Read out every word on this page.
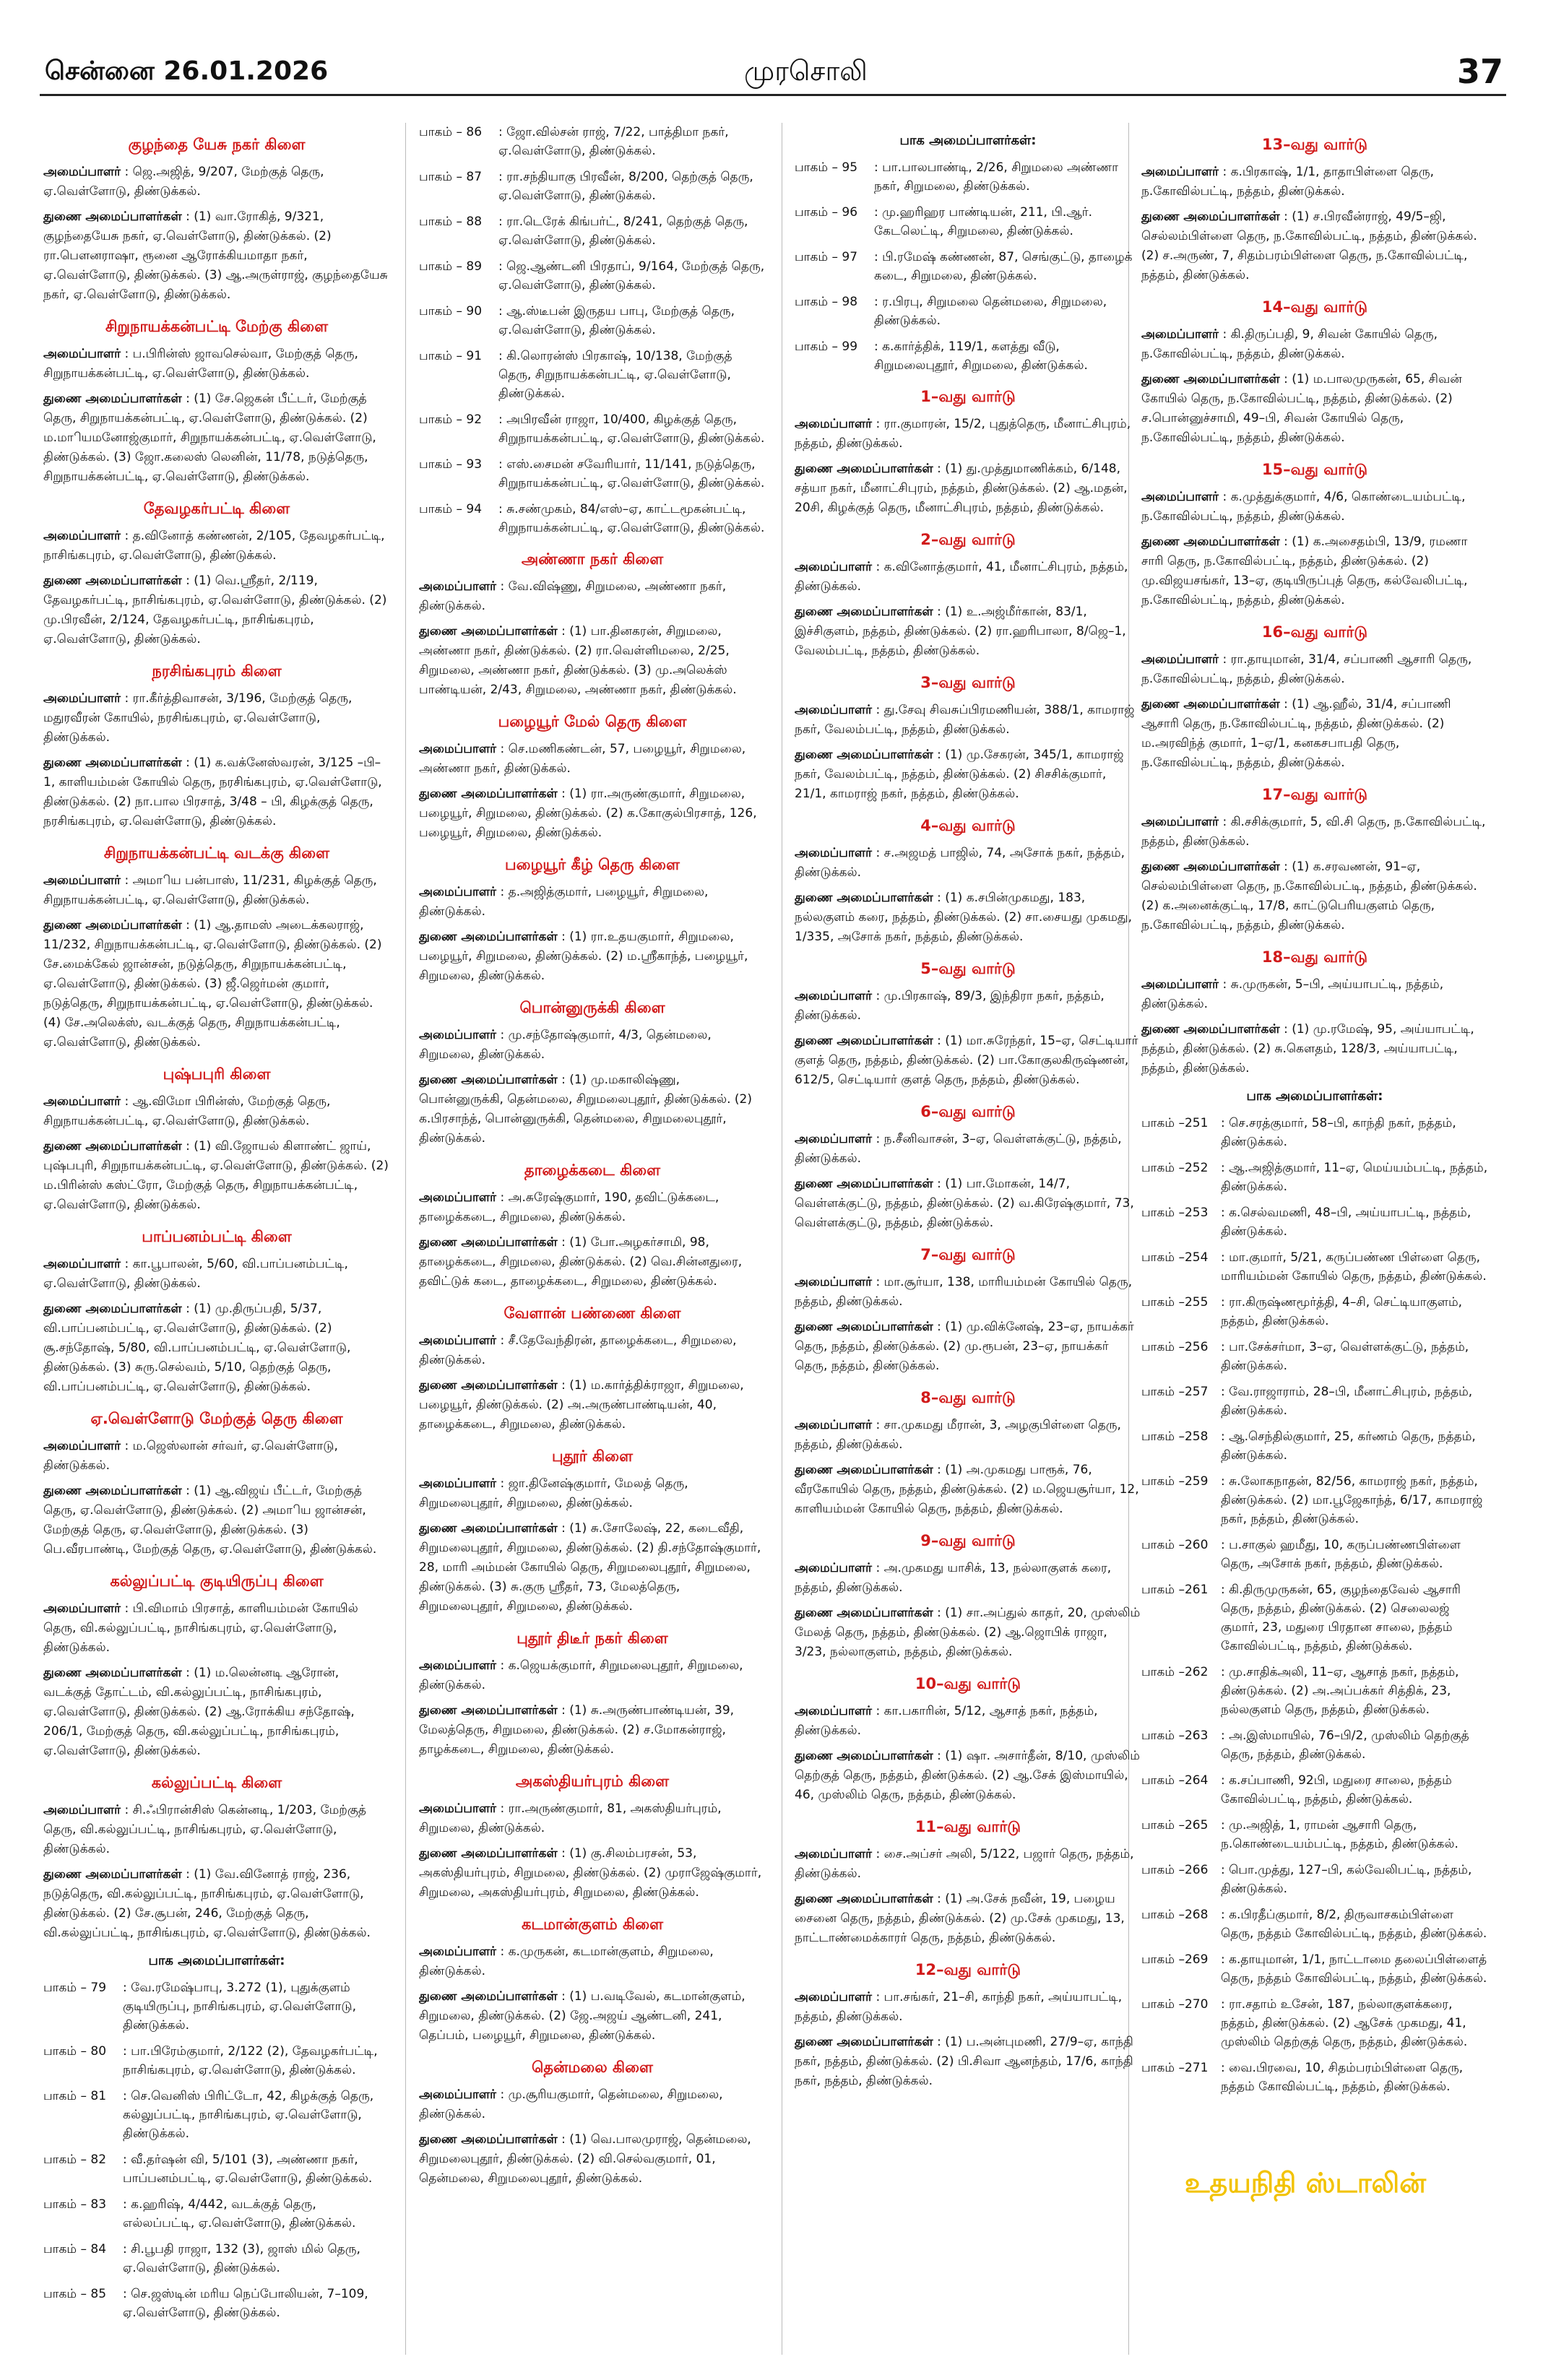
சென்னை 26.01.2026	முரசொலி	37
குழந்தை யேசு நகர் கிளை
அமைப்பாளர் : ஜெ.அஜித், 9/207, மேற்குத் தெரு, ஏ.வெள்ளோடு, திண்டுக்கல்.
துணை அமைப்பாளர்கள் : (1) வா.ரோகித், 9/321, குழந்தையேசு நகர், ஏ.வெள்ளோடு, திண்டுக்கல். (2) ரா.பௌனராஷா, ரூனை ஆரோக்கியமாதா நகர், ஏ.வெள்ளோடு, திண்டுக்கல். (3) ஆ.அருள்ராஜ், குழந்தையேசு நகர், ஏ.வெள்ளோடு, திண்டுக்கல்.
சிறுநாயக்கன்பட்டி மேற்கு கிளை
அமைப்பாளர் : ப.பிரின்ஸ் ஜாவசெல்வா, மேற்குத் தெரு, சிறுநாயக்கன்பட்டி, ஏ.வெள்ளோடு, திண்டுக்கல்.
துணை அமைப்பாளர்கள் : (1) சே.ஜெகன் பீட்டர், மேற்குத் தெரு, சிறுநாயக்கன்பட்டி, ஏ.வெள்ளோடு, திண்டுக்கல். (2) ம.மாியமனோஜ்குமார், சிறுநாயக்கன்பட்டி, ஏ.வெள்ளோடு, திண்டுக்கல். (3) ஜோ.கலைஸ் லெனின், 11/78, நடுத்தெரு, சிறுநாயக்கன்பட்டி, ஏ.வெள்ளோடு, திண்டுக்கல்.
தேவழகர்பட்டி கிளை
அமைப்பாளர் : த.வினோத் கண்ணன், 2/105, தேவழகர்பட்டி, நாசிங்கபுரம், ஏ.வெள்ளோடு, திண்டுக்கல்.
துணை அமைப்பாளர்கள் : (1) வெ.ஸ்ரீதர், 2/119, தேவழகர்பட்டி, நாசிங்கபுரம், ஏ.வெள்ளோடு, திண்டுக்கல். (2) மு.பிரவீன், 2/124, தேவழகர்பட்டி, நாசிங்கபுரம், ஏ.வெள்ளோடு, திண்டுக்கல்.
நரசிங்கபுரம் கிளை
அமைப்பாளர் : ரா.கீர்த்திவாசன், 3/196, மேற்குத் தெரு, மதுரவீரன் கோயில், நரசிங்கபுரம், ஏ.வெள்ளோடு, திண்டுக்கல்.
துணை அமைப்பாளர்கள் : (1) க.வக்னேஸ்வரன், 3/125 –பி– 1, காளியம்மன் கோயில் தெரு, நரசிங்கபுரம், ஏ.வெள்ளோடு, திண்டுக்கல். (2) நா.பால பிரசாத், 3/48 – பி, கிழக்குத் தெரு, நரசிங்கபுரம், ஏ.வெள்ளோடு, திண்டுக்கல்.
சிறுநாயக்கன்பட்டி வடக்கு கிளை
அமைப்பாளர் : அமாிய பன்பாஸ், 11/231, கிழக்குத் தெரு, சிறுநாயக்கன்பட்டி, ஏ.வெள்ளோடு, திண்டுக்கல்.
துணை அமைப்பாளர்கள் : (1) ஆ.தாமஸ் அடைக்கலராஜ், 11/232, சிறுநாயக்கன்பட்டி, ஏ.வெள்ளோடு, திண்டுக்கல். (2) சே.மைக்கேல் ஜான்சன், நடுத்தெரு, சிறுநாயக்கன்பட்டி, ஏ.வெள்ளோடு, திண்டுக்கல். (3) ஜீ.ஜெர்மன் குமார், நடுத்தெரு, சிறுநாயக்கன்பட்டி, ஏ.வெள்ளோடு, திண்டுக்கல். (4) சே.அலெக்ஸ், வடக்குத் தெரு, சிறுநாயக்கன்பட்டி, ஏ.வெள்ளோடு, திண்டுக்கல்.
புஷ்பபுரி கிளை
அமைப்பாளர் : ஆ.விமோ பிரின்ஸ், மேற்குத் தெரு, சிறுநாயக்கன்பட்டி, ஏ.வெள்ளோடு, திண்டுக்கல்.
துணை அமைப்பாளர்கள் : (1) வி.ஜோயல் கிளாண்ட் ஜாய், புஷ்பபுரி, சிறுநாயக்கன்பட்டி, ஏ.வெள்ளோடு, திண்டுக்கல். (2) ம.பிரின்ஸ் கஸ்ட்ரோ, மேற்குத் தெரு, சிறுநாயக்கன்பட்டி, ஏ.வெள்ளோடு, திண்டுக்கல்.
பாப்பனம்பட்டி கிளை
அமைப்பாளர் : கா.பூபாலன், 5/60, வி.பாப்பனம்பட்டி, ஏ.வெள்ளோடு, திண்டுக்கல்.
துணை அமைப்பாளர்கள் : (1) மு.திருப்பதி, 5/37, வி.பாப்பனம்பட்டி, ஏ.வெள்ளோடு, திண்டுக்கல். (2) சூ.சந்தோஷ், 5/80, வி.பாப்பனம்பட்டி, ஏ.வெள்ளோடு, திண்டுக்கல். (3) சுரு.செல்வம், 5/10, தெற்குத் தெரு, வி.பாப்பனம்பட்டி, ஏ.வெள்ளோடு, திண்டுக்கல்.
ஏ.வெள்ளோடு மேற்குத் தெரு கிளை
அமைப்பாளர் : ம.ஜெஸ்லான் சர்வர், ஏ.வெள்ளோடு, திண்டுக்கல்.
துணை அமைப்பாளர்கள் : (1) ஆ.விஜய் பீட்டர், மேற்குத் தெரு, ஏ.வெள்ளோடு, திண்டுக்கல். (2) அமாிய ஜான்சன், மேற்குத் தெரு, ஏ.வெள்ளோடு, திண்டுக்கல். (3) பெ.வீரபாண்டி, மேற்குத் தெரு, ஏ.வெள்ளோடு, திண்டுக்கல்.
கல்லுப்பட்டி குடியிருப்பு கிளை
அமைப்பாளர் : பி.விமாம் பிரசாத், காளியம்மன் கோயில் தெரு, வி.கல்லுப்பட்டி, நாசிங்கபுரம், ஏ.வெள்ளோடு, திண்டுக்கல்.
துணை அமைப்பாளர்கள் : (1) ம.லென்னடி ஆரோன், வடக்குத் தோட்டம், வி.கல்லுப்பட்டி, நாசிங்கபுரம், ஏ.வெள்ளோடு, திண்டுக்கல். (2) ஆ.ரோக்கிய சந்தோஷ், 206/1, மேற்குத் தெரு, வி.கல்லுப்பட்டி, நாசிங்கபுரம், ஏ.வெள்ளோடு, திண்டுக்கல்.
கல்லுப்பட்டி கிளை
அமைப்பாளர் : சி.ஃபிரான்சிஸ் கென்னடி, 1/203, மேற்குத் தெரு, வி.கல்லுப்பட்டி, நாசிங்கபுரம், ஏ.வெள்ளோடு, திண்டுக்கல்.
துணை அமைப்பாளர்கள் : (1) வே.வினோத் ராஜ், 236, நடுத்தெரு, வி.கல்லுப்பட்டி, நாசிங்கபுரம், ஏ.வெள்ளோடு, திண்டுக்கல். (2) சே.சூபன், 246, மேற்குத் தெரு, வி.கல்லுப்பட்டி, நாசிங்கபுரம், ஏ.வெள்ளோடு, திண்டுக்கல்.
பாக அமைப்பாளர்கள்:
பாகம் – 79	: வே.ரமேஷ்பாபு, 3.272 (1), புதுக்குளம் குடியிருப்பு, நாசிங்கபுரம், ஏ.வெள்ளோடு, திண்டுக்கல்.
பாகம் – 80	: பா.பிரேம்குமார், 2/122 (2), தேவழகர்பட்டி, நாசிங்கபுரம், ஏ.வெள்ளோடு, திண்டுக்கல்.
பாகம் – 81	: செ.வெனிஸ் பிரிட்டோ, 42, கிழக்குத் தெரு, கல்லுப்பட்டி, நாசிங்கபுரம், ஏ.வெள்ளோடு, திண்டுக்கல்.
பாகம் – 82	: வீ.தர்ஷன் வி, 5/101 (3), அண்ணா நகர், பாப்பனம்பட்டி, ஏ.வெள்ளோடு, திண்டுக்கல்.
பாகம் – 83	: க.ஹரிஷ், 4/442, வடக்குத் தெரு, எல்லப்பட்டி, ஏ.வெள்ளோடு, திண்டுக்கல்.
பாகம் – 84	: சி.பூபதி ராஜா, 132 (3), ஜாஸ் மில் தெரு, ஏ.வெள்ளோடு, திண்டுக்கல்.
பாகம் – 85	: செ.ஜஸ்டின் மரிய நெப்போலியன், 7–109, ஏ.வெள்ளோடு, திண்டுக்கல்.
பாகம் – 86	: ஜோ.வில்சன் ராஜ், 7/22, பாத்திமா நகர், ஏ.வெள்ளோடு, திண்டுக்கல்.
பாகம் – 87	: ரா.சந்தியாகு பிரவீன், 8/200, தெற்குத் தெரு, ஏ.வெள்ளோடு, திண்டுக்கல்.
பாகம் – 88	: ரா.டெரேக் கிங்பர்ட், 8/241, தெற்குத் தெரு, ஏ.வெள்ளோடு, திண்டுக்கல்.
பாகம் – 89	: ஜெ.ஆண்டனி பிரதாப், 9/164, மேற்குத் தெரு, ஏ.வெள்ளோடு, திண்டுக்கல்.
பாகம் – 90	: ஆ.ஸ்டீபன் இருதய பாபு, மேற்குத் தெரு, ஏ.வெள்ளோடு, திண்டுக்கல்.
பாகம் – 91	: கி.லொரன்ஸ் பிரகாஷ், 10/138, மேற்குத் தெரு, சிறுநாயக்கன்பட்டி, ஏ.வெள்ளோடு, திண்டுக்கல்.
பாகம் – 92	: அபிரவீன் ராஜா, 10/400, கிழக்குத் தெரு, சிறுநாயக்கன்பட்டி, ஏ.வெள்ளோடு, திண்டுக்கல்.
பாகம் – 93	: எஸ்.சைமன் சவேரியார், 11/141, நடுத்தெரு, சிறுநாயக்கன்பட்டி, ஏ.வெள்ளோடு, திண்டுக்கல்.
பாகம் – 94	: சு.சண்முகம், 84/எஸ்–ஏ, காட்டமூகன்பட்டி, சிறுநாயக்கன்பட்டி, ஏ.வெள்ளோடு, திண்டுக்கல்.
அண்ணா நகர் கிளை
அமைப்பாளர் : வே.விஷ்ணு, சிறுமலை, அண்ணா நகர், திண்டுக்கல்.
துணை அமைப்பாளர்கள் : (1) பா.தினகரன், சிறுமலை, அண்ணா நகர், திண்டுக்கல். (2) ரா.வெள்ளிமலை, 2/25, சிறுமலை, அண்ணா நகர், திண்டுக்கல். (3) மு.அலெக்ஸ் பாண்டியன், 2/43, சிறுமலை, அண்ணா நகர், திண்டுக்கல்.
பழையூர் மேல் தெரு கிளை
அமைப்பாளர் : செ.மணிகண்டன், 57, பழையூர், சிறுமலை, அண்ணா நகர், திண்டுக்கல்.
துணை அமைப்பாளர்கள் : (1) ரா.அருண்குமார், சிறுமலை, பழையூர், சிறுமலை, திண்டுக்கல். (2) க.கோகுல்பிரசாத், 126, பழையூர், சிறுமலை, திண்டுக்கல்.
பழையூர் கீழ் தெரு கிளை
அமைப்பாளர் : த.அஜித்குமார், பழையூர், சிறுமலை, திண்டுக்கல்.
துணை அமைப்பாளர்கள் : (1) ரா.உதயகுமார், சிறுமலை, பழையூர், சிறுமலை, திண்டுக்கல். (2) ம.ஸ்ரீகாந்த், பழையூர், சிறுமலை, திண்டுக்கல்.
பொன்னுருக்கி கிளை
அமைப்பாளர் : மு.சந்தோஷ்குமார், 4/3, தென்மலை, சிறுமலை, திண்டுக்கல்.
துணை அமைப்பாளர்கள் : (1) மு.மகாலிஷ்ணு, பொன்னுருக்கி, தென்மலை, சிறுமலைபுதூர், திண்டுக்கல். (2) க.பிரசாந்த், பொன்னுருக்கி, தென்மலை, சிறுமலைபுதூர், திண்டுக்கல்.
தாழைக்கடை கிளை
அமைப்பாளர் : அ.சுரேஷ்குமார், 190, தவிட்டுக்கடை, தாழைக்கடை, சிறுமலை, திண்டுக்கல்.
துணை அமைப்பாளர்கள் : (1) போ.அழகர்சாமி, 98, தாழைக்கடை, சிறுமலை, திண்டுக்கல். (2) வெ.சின்னதுரை, தவிட்டுக் கடை, தாழைக்கடை, சிறுமலை, திண்டுக்கல்.
வேளான் பண்ணை கிளை
அமைப்பாளர் : சீ.தேவேந்திரன், தாழைக்கடை, சிறுமலை, திண்டுக்கல்.
துணை அமைப்பாளர்கள் : (1) ம.கார்த்திக்ராஜா, சிறுமலை, பழையூர், திண்டுக்கல். (2) அ.அருண்பாண்டியன், 40, தாழைக்கடை, சிறுமலை, திண்டுக்கல்.
புதூர் கிளை
அமைப்பாளர் : ஜா.தினேஷ்குமார், மேலத் தெரு, சிறுமலைபுதூர், சிறுமலை, திண்டுக்கல்.
துணை அமைப்பாளர்கள் : (1) சு.சோலேஷ், 22, கடைவீதி, சிறுமலைபுதூர், சிறுமலை, திண்டுக்கல். (2) தி.சந்தோஷ்குமார், 28, மாரி அம்மன் கோயில் தெரு, சிறுமலைபுதூர், சிறுமலை, திண்டுக்கல். (3) சு.குரு ஸ்ரீதர், 73, மேலத்தெரு, சிறுமலைபுதூர், சிறுமலை, திண்டுக்கல்.
புதூர் திடீர் நகர் கிளை
அமைப்பாளர் : க.ஜெயக்குமார், சிறுமலைபுதூர், சிறுமலை, திண்டுக்கல்.
துணை அமைப்பாளர்கள் : (1) சு.அருண்பாண்டியன், 39, மேலத்தெரு, சிறுமலை, திண்டுக்கல். (2) ச.மோகன்ராஜ், தாழக்கடை, சிறுமலை, திண்டுக்கல்.
அகஸ்தியர்புரம் கிளை
அமைப்பாளர் : ரா.அருண்குமார், 81, அகஸ்தியர்புரம், சிறுமலை, திண்டுக்கல்.
துணை அமைப்பாளர்கள் : (1) கு.சிலம்பரசன், 53, அகஸ்தியர்புரம், சிறுமலை, திண்டுக்கல். (2) முராஜேஷ்குமார், சிறுமலை, அகஸ்தியர்புரம், சிறுமலை, திண்டுக்கல்.
கடமான்குளம் கிளை
அமைப்பாளர் : க.முருகன், கடமான்குளம், சிறுமலை, திண்டுக்கல்.
துணை அமைப்பாளர்கள் : (1) ப.வடிவேல், கடமான்குளம், சிறுமலை, திண்டுக்கல். (2) ஜே.அஜய் ஆண்டனி, 241, தெப்பம், பழையூர், சிறுமலை, திண்டுக்கல்.
தென்மலை கிளை
அமைப்பாளர் : மு.சூரியகுமார், தென்மலை, சிறுமலை, திண்டுக்கல்.
துணை அமைப்பாளர்கள் : (1) வெ.பாலமுராஜ், தென்மலை, சிறுமலைபுதூர், திண்டுக்கல். (2) வி.செல்வகுமார், 01, தென்மலை, சிறுமலைபுதூர், திண்டுக்கல்.
பாக அமைப்பாளர்கள்:
பாகம் – 95	: பா.பாலபாண்டி, 2/26, சிறுமலை அண்ணா நகர், சிறுமலை, திண்டுக்கல்.
பாகம் – 96	: மு.ஹரிஹர பாண்டியன், 211, பி.ஆர். கேடலெட்டி, சிறுமலை, திண்டுக்கல்.
பாகம் – 97	: பி.ரமேஷ் கண்ணன், 87, செங்குட்டு, தாழைக் கடை, சிறுமலை, திண்டுக்கல்.
பாகம் – 98	: ர.பிரபு, சிறுமலை தென்மலை, சிறுமலை, திண்டுக்கல்.
பாகம் – 99	: க.கார்த்திக், 119/1, களத்து வீடு, சிறுமலைபுதூர், சிறுமலை, திண்டுக்கல்.
1–வது வார்டு
அமைப்பாளர் : ரா.குமாரன், 15/2, புதுத்தெரு, மீனாட்சிபுரம், நத்தம், திண்டுக்கல்.
துணை அமைப்பாளர்கள் : (1) து.முத்துமாணிக்கம், 6/148, சத்யா நகர், மீனாட்சிபுரம், நத்தம், திண்டுக்கல். (2) ஆ.மதன், 20சி, கிழக்குத் தெரு, மீனாட்சிபுரம், நத்தம், திண்டுக்கல்.
2–வது வார்டு
அமைப்பாளர் : க.வினோத்குமார், 41, மீனாட்சிபுரம், நத்தம், திண்டுக்கல்.
துணை அமைப்பாளர்கள் : (1) உ.அஜ்மீர்கான், 83/1, இச்சிகுளம், நத்தம், திண்டுக்கல். (2) ரா.ஹரிபாலா, 8/ஜெ–1, வேலம்பட்டி, நத்தம், திண்டுக்கல்.
3–வது வார்டு
அமைப்பாளர் : து.சேவு சிவசுப்பிரமணியன், 388/1, காமராஜ் நகர், வேலம்பட்டி, நத்தம், திண்டுக்கல்.
துணை அமைப்பாளர்கள் : (1) மு.சேகரன், 345/1, காமராஜ் நகர், வேலம்பட்டி, நத்தம், திண்டுக்கல். (2) சிசசிக்குமார், 21/1, காமராஜ் நகர், நத்தம், திண்டுக்கல்.
4–வது வார்டு
அமைப்பாளர் : ச.அஜமத் பாஜில், 74, அசோக் நகர், நத்தம், திண்டுக்கல்.
துணை அமைப்பாளர்கள் : (1) க.சபின்முகமது, 183, நல்லகுளம் கரை, நத்தம், திண்டுக்கல். (2) சா.சையது முகமது, 1/335, அசோக் நகர், நத்தம், திண்டுக்கல்.
5–வது வார்டு
அமைப்பாளர் : மு.பிரகாஷ், 89/3, இந்திரா நகர், நத்தம், திண்டுக்கல்.
துணை அமைப்பாளர்கள் : (1) மா.சுரேந்தர், 15–ஏ, செட்டியார் குளத் தெரு, நத்தம், திண்டுக்கல். (2) பா.கோகுலகிருஷ்ணன், 612/5, செட்டியார் குளத் தெரு, நத்தம், திண்டுக்கல்.
6–வது வார்டு
அமைப்பாளர் : ந.சீனிவாசன், 3–ஏ, வெள்ளக்குட்டு, நத்தம், திண்டுக்கல்.
துணை அமைப்பாளர்கள் : (1) பா.மோகன், 14/7, வெள்ளக்குட்டு, நத்தம், திண்டுக்கல். (2) வ.கிரேஷ்குமார், 73, வெள்ளக்குட்டு, நத்தம், திண்டுக்கல்.
7–வது வார்டு
அமைப்பாளர் : மா.சூர்யா, 138, மாரியம்மன் கோயில் தெரு, நத்தம், திண்டுக்கல்.
துணை அமைப்பாளர்கள் : (1) மு.விக்னேஷ், 23–ஏ, நாயக்கர் தெரு, நத்தம், திண்டுக்கல். (2) மு.ரூபன், 23–ஏ, நாயக்கர் தெரு, நத்தம், திண்டுக்கல்.
8–வது வார்டு
அமைப்பாளர் : சா.முகமது மீரான், 3, அழகுபிள்ளை தெரு, நத்தம், திண்டுக்கல்.
துணை அமைப்பாளர்கள் : (1) அ.முகமது பாரூக், 76, வீரகோயில் தெரு, நத்தம், திண்டுக்கல். (2) ம.ஜெயசூர்யா, 12, காளியம்மன் கோயில் தெரு, நத்தம், திண்டுக்கல்.
9–வது வார்டு
அமைப்பாளர் : அ.முகமது யாசிக், 13, நல்லாகுளக் கரை, நத்தம், திண்டுக்கல்.
துணை அமைப்பாளர்கள் : (1) சா.அப்துல் காதர், 20, முஸ்லிம் மேலத் தெரு, நத்தம், திண்டுக்கல். (2) ஆ.ஜொபிக் ராஜா, 3/23, நல்லாகுளம், நத்தம், திண்டுக்கல்.
10–வது வார்டு
அமைப்பாளர் : கா.பகாரின், 5/12, ஆசாத் நகர், நத்தம், திண்டுக்கல்.
துணை அமைப்பாளர்கள் : (1) ஷா. அசார்தீன், 8/10, முஸ்லிம் தெற்குத் தெரு, நத்தம், திண்டுக்கல். (2) ஆ.சேக் இஸ்மாயில், 46, முஸ்லிம் தெரு, நத்தம், திண்டுக்கல்.
11–வது வார்டு
அமைப்பாளர் : சை.அப்சர் அலி, 5/122, பஜார் தெரு, நத்தம், திண்டுக்கல்.
துணை அமைப்பாளர்கள் : (1) அ.சேக் நவீன், 19, பழைய சைனை தெரு, நத்தம், திண்டுக்கல். (2) மு.சேக் முகமது, 13, நாட்டாண்மைக்காரர் தெரு, நத்தம், திண்டுக்கல்.
12–வது வார்டு
அமைப்பாளர் : பா.சங்கர், 21–சி, காந்தி நகர், அய்யாபட்டி, நத்தம், திண்டுக்கல்.
துணை அமைப்பாளர்கள் : (1) ப.அன்புமணி, 27/9–ஏ, காந்தி நகர், நத்தம், திண்டுக்கல். (2) பி.சிவா ஆனந்தம், 17/6, காந்தி நகர், நத்தம், திண்டுக்கல்.
13–வது வார்டு
அமைப்பாளர் : க.பிரகாஷ், 1/1, தாதாபிள்ளை தெரு, ந.கோவில்பட்டி, நத்தம், திண்டுக்கல்.
துணை அமைப்பாளர்கள் : (1) ச.பிரவீன்ராஜ், 49/5–ஜி, செல்லம்பிள்ளை தெரு, ந.கோவில்பட்டி, நத்தம், திண்டுக்கல். (2) ச.அருண், 7, சிதம்பரம்பிள்ளை தெரு, ந.கோவில்பட்டி, நத்தம், திண்டுக்கல்.
14–வது வார்டு
அமைப்பாளர் : கி.திருப்பதி, 9, சிவன் கோயில் தெரு, ந.கோவில்பட்டி, நத்தம், திண்டுக்கல்.
துணை அமைப்பாளர்கள் : (1) ம.பாலமுருகன், 65, சிவன் கோயில் தெரு, ந.கோவில்பட்டி, நத்தம், திண்டுக்கல். (2) ச.பொன்னுச்சாமி, 49–பி, சிவன் கோயில் தெரு, ந.கோவில்பட்டி, நத்தம், திண்டுக்கல்.
15–வது வார்டு
அமைப்பாளர் : க.முத்துக்குமார், 4/6, கொண்டையம்பட்டி, ந.கோவில்பட்டி, நத்தம், திண்டுக்கல்.
துணை அமைப்பாளர்கள் : (1) க.அசைதம்பி, 13/9, ரமணா சாரி தெரு, ந.கோவில்பட்டி, நத்தம், திண்டுக்கல். (2) மு.விஜயசங்கர், 13–ஏ, குடியிருப்புத் தெரு, கல்வேலிபட்டி, ந.கோவில்பட்டி, நத்தம், திண்டுக்கல்.
16–வது வார்டு
அமைப்பாளர் : ரா.தாயுமான், 31/4, சப்பாணி ஆசாரி தெரு, ந.கோவில்பட்டி, நத்தம், திண்டுக்கல்.
துணை அமைப்பாளர்கள் : (1) ஆ.ஹீல், 31/4, சப்பாணி ஆசாரி தெரு, ந.கோவில்பட்டி, நத்தம், திண்டுக்கல். (2) ம.அரவிந்த் குமார், 1–ஏ/1, கனகசபாபதி தெரு, ந.கோவில்பட்டி, நத்தம், திண்டுக்கல்.
17–வது வார்டு
அமைப்பாளர் : கி.சசிக்குமார், 5, வி.சி தெரு, ந.கோவில்பட்டி, நத்தம், திண்டுக்கல்.
துணை அமைப்பாளர்கள் : (1) க.சரவணன், 91–ஏ, செல்லம்பிள்ளை தெரு, ந.கோவில்பட்டி, நத்தம், திண்டுக்கல். (2) க.அனைக்குட்டி, 17/8, காட்டுபெரியகுளம் தெரு, ந.கோவில்பட்டி, நத்தம், திண்டுக்கல்.
18–வது வார்டு
அமைப்பாளர் : சு.முருகன், 5–பி, அய்யாபட்டி, நத்தம், திண்டுக்கல்.
துணை அமைப்பாளர்கள் : (1) மு.ரமேஷ், 95, அய்யாபட்டி, நத்தம், திண்டுக்கல். (2) சு.கௌதம், 128/3, அய்யாபட்டி, நத்தம், திண்டுக்கல்.
பாக அமைப்பாளர்கள்:
பாகம் –251	: செ.சரத்குமார், 58–பி, காந்தி நகர், நத்தம், திண்டுக்கல்.
பாகம் –252	: ஆ.அஜித்குமார், 11–ஏ, மெய்யம்பட்டி, நத்தம், திண்டுக்கல்.
பாகம் –253	: க.செல்வமணி, 48–பி, அய்யாபட்டி, நத்தம், திண்டுக்கல்.
பாகம் –254	: மா.குமார், 5/21, கருப்பண்ண பிள்ளை தெரு, மாரியம்மன் கோயில் தெரு, நத்தம், திண்டுக்கல்.
பாகம் –255	: ரா.கிருஷ்ணமூர்த்தி, 4–சி, செட்டியாகுளம், நத்தம், திண்டுக்கல்.
பாகம் –256	: பா.சேக்சர்மா, 3–ஏ, வெள்ளக்குட்டு, நத்தம், திண்டுக்கல்.
பாகம் –257	: வே.ராஜாராம், 28–பி, மீனாட்சிபுரம், நத்தம், திண்டுக்கல்.
பாகம் –258	: ஆ.செந்தில்குமார், 25, கர்ணம் தெரு, நத்தம், திண்டுக்கல்.
பாகம் –259	: சு.லோகநாதன், 82/56, காமராஜ் நகர், நத்தம், திண்டுக்கல். (2) மா.பூஜேகாந்த், 6/17, காமராஜ் நகர், நத்தம், திண்டுக்கல்.
பாகம் –260	: ப.சாகுல் ஹமீது, 10, கருப்பண்ணபிள்ளை தெரு, அசோக் நகர், நத்தம், திண்டுக்கல்.
பாகம் –261	: கி.திருமுருகன், 65, குழந்தைவேல் ஆசாரி தெரு, நத்தம், திண்டுக்கல். (2) செலைலஜ் குமார், 23, மதுரை பிரதான சாலை, நத்தம் கோவில்பட்டி, நத்தம், திண்டுக்கல்.
பாகம் –262	: மு.சாதிக்அலி, 11–ஏ, ஆசாத் நகர், நத்தம், திண்டுக்கல். (2) அ.அப்பக்கர் சித்திக், 23, நல்லகுளம் தெரு, நத்தம், திண்டுக்கல்.
பாகம் –263	: அ.இஸ்மாயில், 76–பி/2, முஸ்லிம் தெற்குத் தெரு, நத்தம், திண்டுக்கல்.
பாகம் –264	: க.சப்பாணி, 92பி, மதுரை சாலை, நத்தம் கோவில்பட்டி, நத்தம், திண்டுக்கல்.
பாகம் –265	: மு.அஜித், 1, ராமன் ஆசாரி தெரு, ந.கொண்டையம்பட்டி, நத்தம், திண்டுக்கல்.
பாகம் –266	: பொ.முத்து, 127–பி, கல்வேலிபட்டி, நத்தம், திண்டுக்கல்.
பாகம் –268	: க.பிரதீப்குமார், 8/2, திருவாசகம்பிள்ளை தெரு, நத்தம் கோவில்பட்டி, நத்தம், திண்டுக்கல்.
பாகம் –269	: க.தாயுமான், 1/1, நாட்டாமை தலைப்பிள்ளைத் தெரு, நத்தம் கோவில்பட்டி, நத்தம், திண்டுக்கல்.
பாகம் –270	: ரா.சதாம் உசேன், 187, நல்லாகுளக்கரை, நத்தம், திண்டுக்கல். (2) ஆசேக் முகமது, 41, முஸ்லிம் தெற்குத் தெரு, நத்தம், திண்டுக்கல்.
பாகம் –271	: வை.பிரவை, 10, சிதம்பரம்பிள்ளை தெரு, நத்தம் கோவில்பட்டி, நத்தம், திண்டுக்கல்.
உதயநிதி ஸ்டாலின்
